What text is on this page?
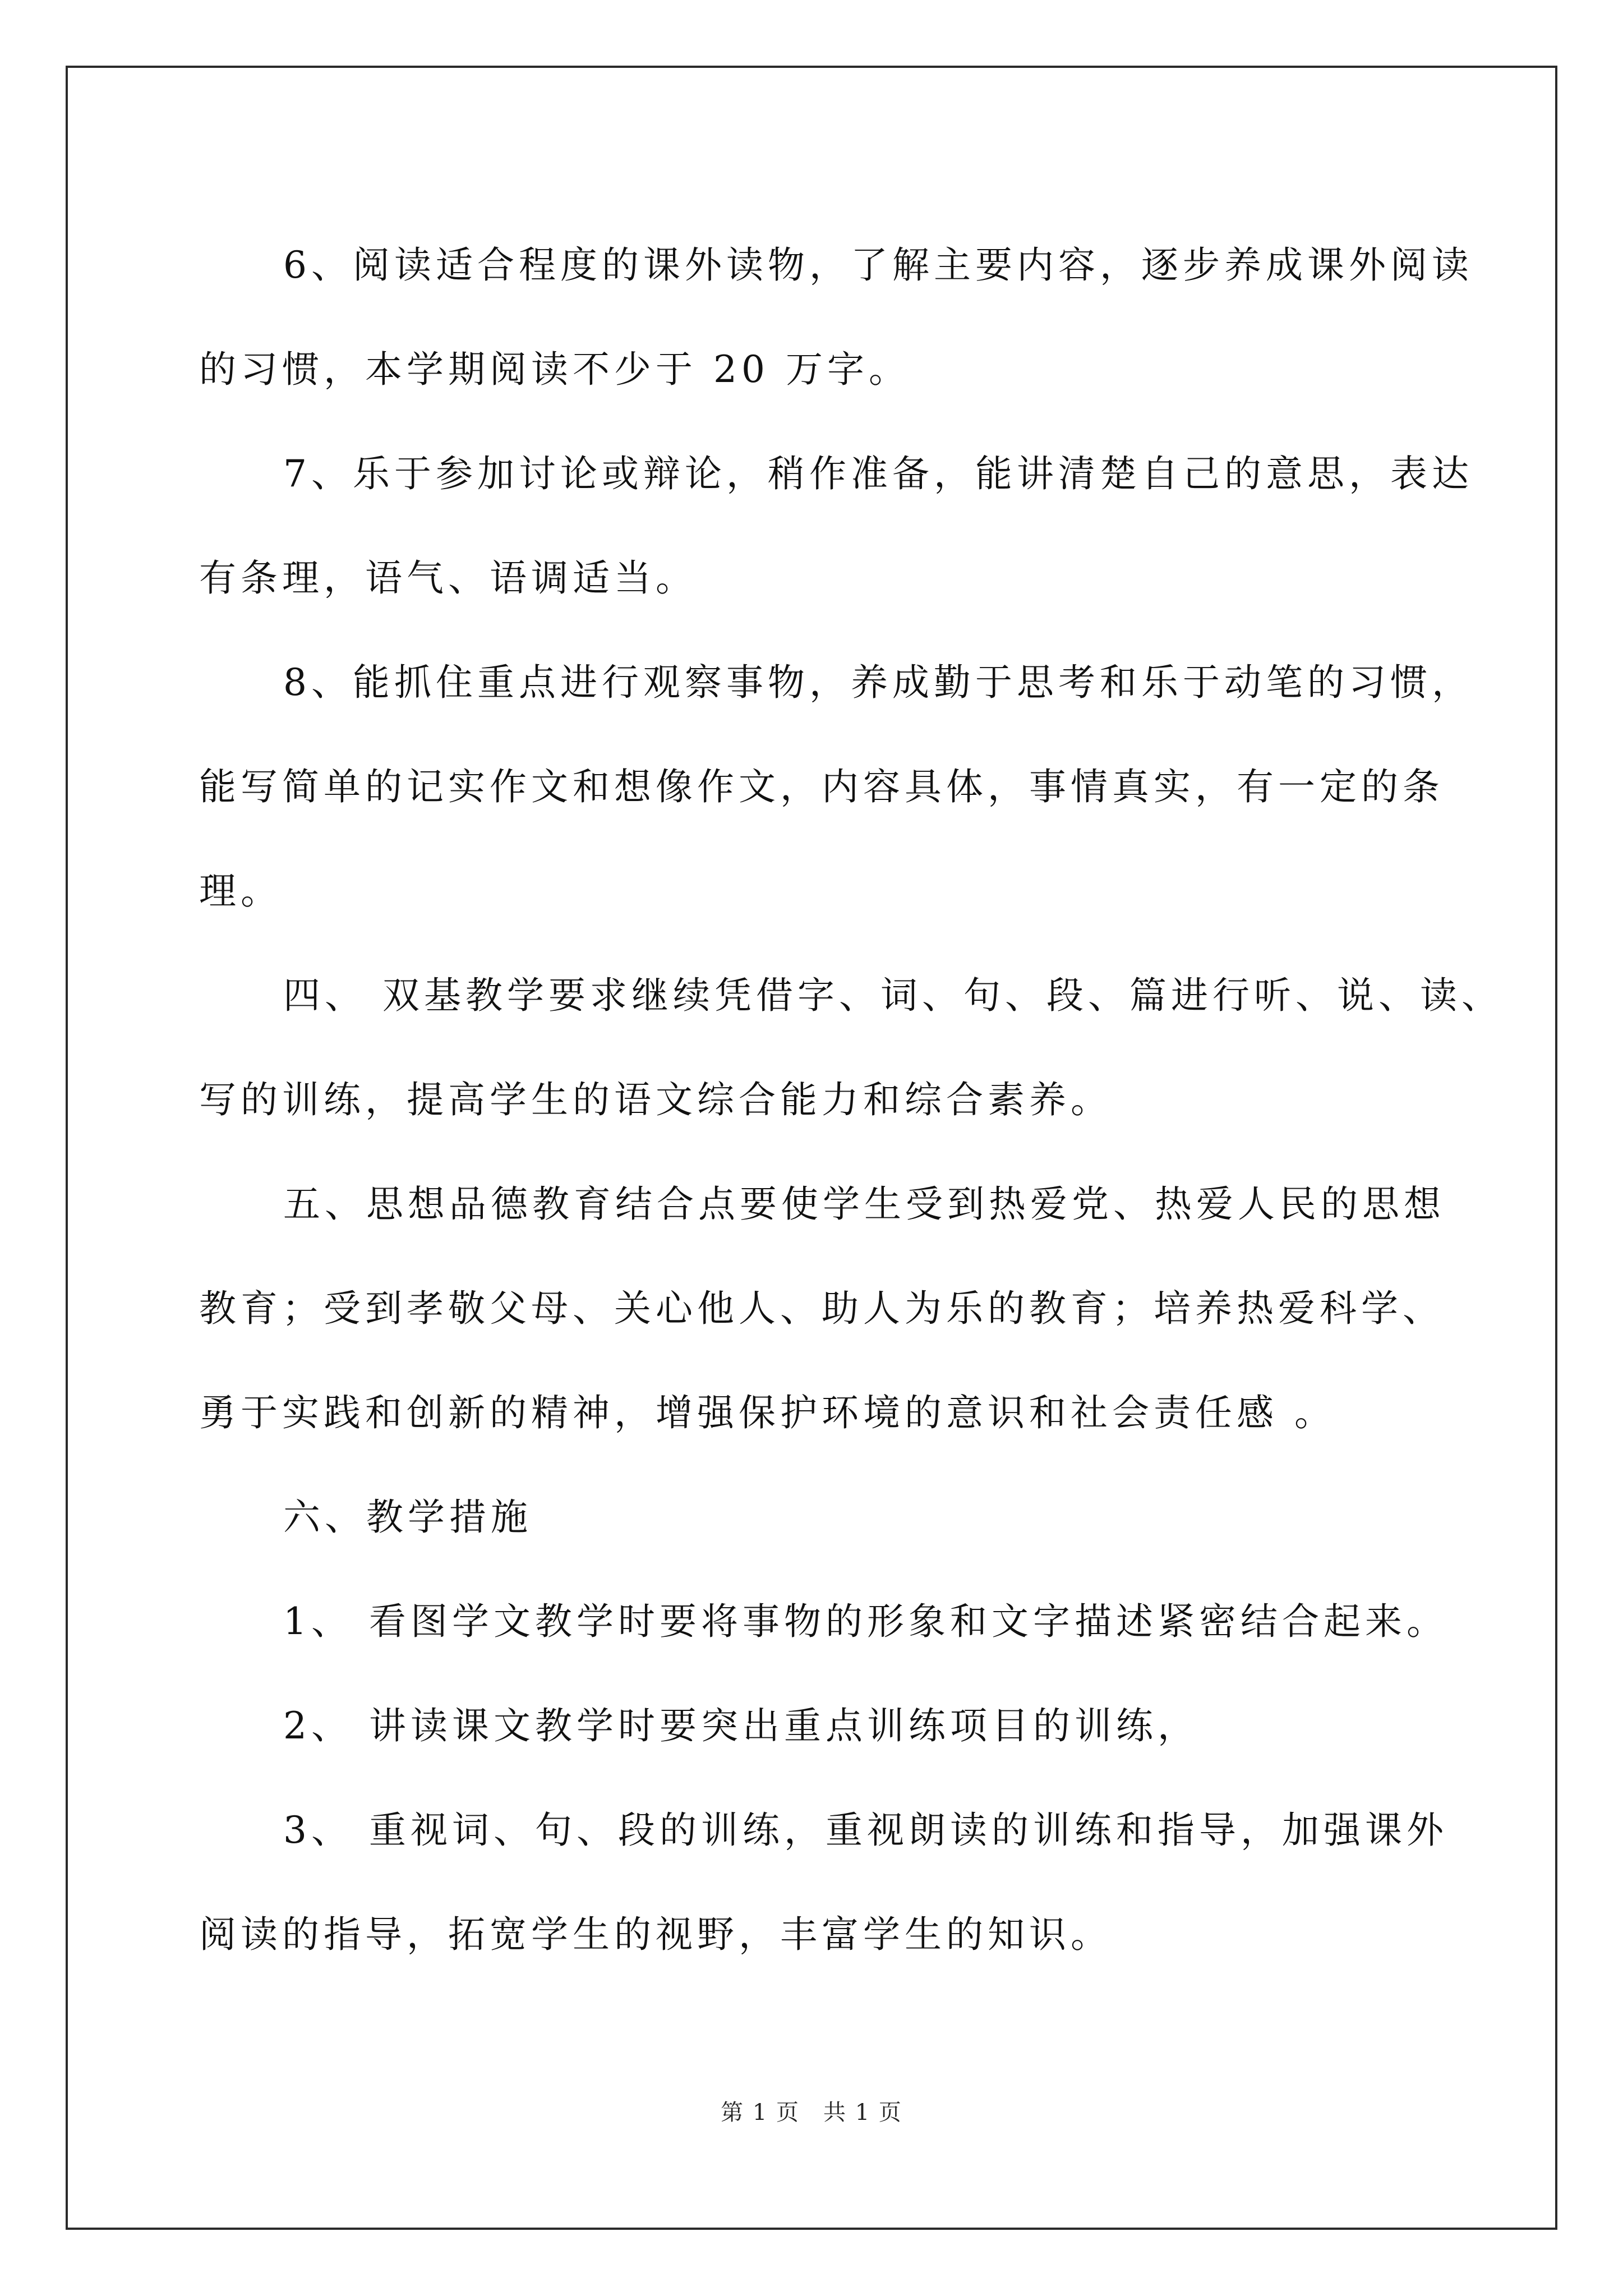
6、阅读适合程度的课外读物，了解主要内容，逐步养成课外阅读

的习惯，本学期阅读不少于 20 万字。

7、乐于参加讨论或辩论，稍作准备，能讲清楚自己的意思，表达

有条理，语气、语调适当。

8、能抓住重点进行观察事物，养成勤于思考和乐于动笔的习惯，

能写简单的记实作文和想像作文，内容具体，事情真实，有一定的条

理。

四、 双基教学要求继续凭借字、词、句、段、篇进行听、说、读、

写的训练，提高学生的语文综合能力和综合素养。

五、思想品德教育结合点要使学生受到热爱党、热爱人民的思想

教育；受到孝敬父母、关心他人、助人为乐的教育；培养热爱科学、

勇于实践和创新的精神，增强保护环境的意识和社会责任感 。

六、教学措施

1、 看图学文教学时要将事物的形象和文字描述紧密结合起来。

2、 讲读课文教学时要突出重点训练项目的训练，

3、 重视词、句、段的训练，重视朗读的训练和指导，加强课外

阅读的指导，拓宽学生的视野，丰富学生的知识。

第 1 页　共 1 页
